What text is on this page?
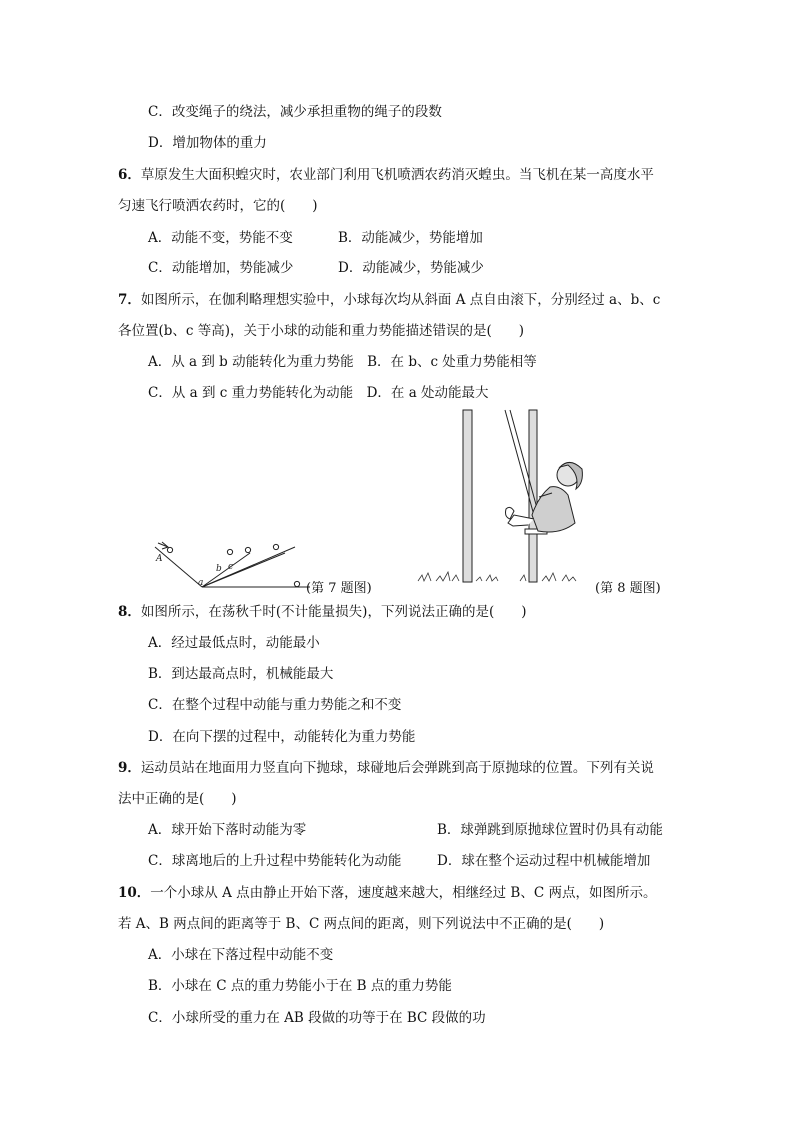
C．改变绳子的绕法，减少承担重物的绳子的段数
D．增加物体的重力
6．草原发生大面积蝗灾时，农业部门利用飞机喷洒农药消灭蝗虫。当飞机在某一高度水平
匀速飞行喷洒农药时，它的(　　)
A．动能不变，势能不变	B．动能减少，势能增加
C．动能增加，势能减少	D．动能减少，势能减少
7．如图所示，在伽利略理想实验中，小球每次均从斜面 A 点自由滚下，分别经过 a、b、c
各位置(b、c 等高)，关于小球的动能和重力势能描述错误的是(　　)
A．从 a 到 b 动能转化为重力势能　B．在 b、c 处重力势能相等
C．从 a 到 c 重力势能转化为动能　D．在 a 处动能最大
A
a
b c
(第 7 题图)	(第 8 题图)
8．如图所示，在荡秋千时(不计能量损失)，下列说法正确的是(　　)
A．经过最低点时，动能最小
B．到达最高点时，机械能最大
C．在整个过程中动能与重力势能之和不变
D．在向下摆的过程中，动能转化为重力势能
9．运动员站在地面用力竖直向下抛球，球碰地后会弹跳到高于原抛球的位置。下列有关说
法中正确的是(　　)
A．球开始下落时动能为零	B．球弹跳到原抛球位置时仍具有动能
C．球离地后的上升过程中势能转化为动能	D．球在整个运动过程中机械能增加
10．一个小球从 A 点由静止开始下落，速度越来越大，相继经过 B、C 两点，如图所示。
若 A、B 两点间的距离等于 B、C 两点间的距离，则下列说法中不正确的是(　　)
A．小球在下落过程中动能不变
B．小球在 C 点的重力势能小于在 B 点的重力势能
C．小球所受的重力在 AB 段做的功等于在 BC 段做的功
